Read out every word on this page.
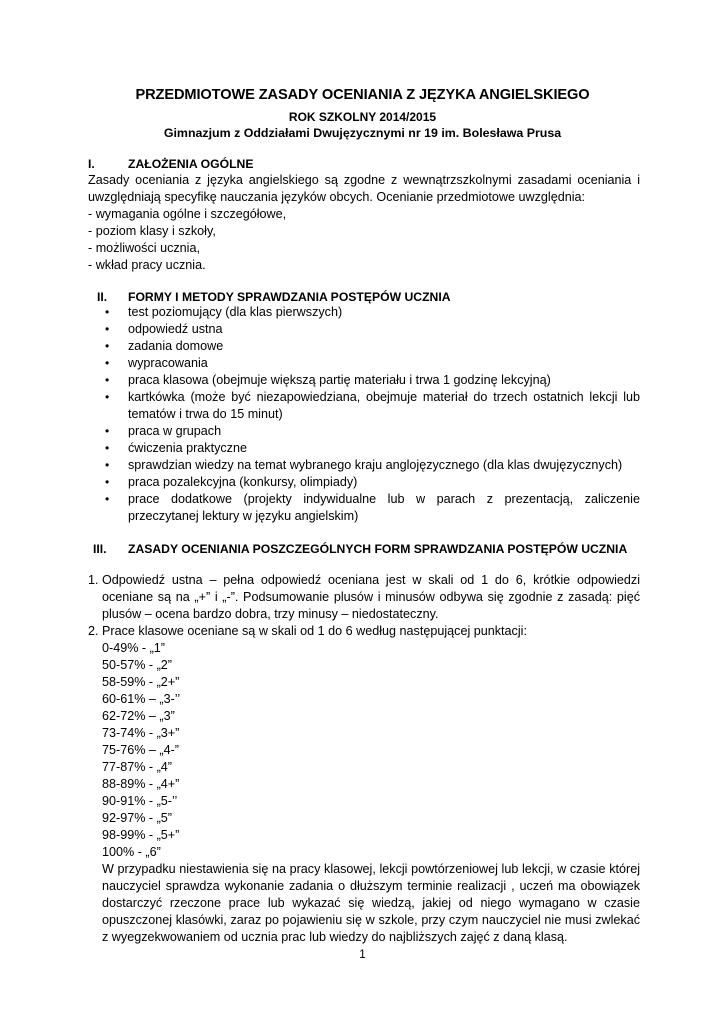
PRZEDMIOTOWE ZASADY OCENIANIA Z JĘZYKA ANGIELSKIEGO
ROK SZKOLNY 2014/2015
Gimnazjum z Oddziałami Dwujęzycznymi nr 19 im. Bolesława Prusa
I.	ZAŁOŻENIA OGÓLNE
Zasady oceniania z języka angielskiego są zgodne z wewnątrzszkolnymi zasadami oceniania i uwzględniają specyfikę nauczania języków obcych. Ocenianie przedmiotowe uwzględnia:
- wymagania ogólne i szczegółowe,
- poziom klasy i szkoły,
- możliwości ucznia,
- wkład pracy ucznia.
II.	FORMY I METODY SPRAWDZANIA POSTĘPÓW UCZNIA
• test poziomujący (dla klas pierwszych)
• odpowiedź ustna
• zadania domowe
• wypracowania
• praca klasowa (obejmuje większą partię materiału i trwa 1 godzinę lekcyjną)
• kartkówka (może być niezapowiedziana, obejmuje materiał do trzech ostatnich lekcji lub tematów i trwa do 15 minut)
• praca w grupach
• ćwiczenia praktyczne
• sprawdzian wiedzy na temat wybranego kraju anglojęzycznego (dla klas dwujęzycznych)
• praca pozalekcyjna (konkursy, olimpiady)
• prace dodatkowe (projekty indywidualne lub w parach z prezentacją, zaliczenie przeczytanej lektury w języku angielskim)
III.	ZASADY OCENIANIA POSZCZEGÓLNYCH FORM SPRAWDZANIA POSTĘPÓW UCZNIA
1. Odpowiedź ustna – pełna odpowiedź oceniana jest w skali od 1 do 6, krótkie odpowiedzi oceniane są na „+” i „-”. Podsumowanie plusów i minusów odbywa się zgodnie z zasadą: pięć plusów – ocena bardzo dobra, trzy minusy – niedostateczny.
2. Prace klasowe oceniane są w skali od 1 do 6 według następującej punktacji:
0-49% - „1”
50-57% - „2”
58-59% - „2+”
60-61% – „3-’’
62-72% – „3”
73-74% - „3+”
75-76% – „4-”
77-87% - „4”
88-89% - „4+”
90-91% - „5-’’
92-97% - „5”
98-99% - „5+”
100% - „6”
W przypadku niestawienia się na pracy klasowej, lekcji powtórzeniowej lub lekcji, w czasie której nauczyciel sprawdza wykonanie zadania o dłuższym terminie realizacji , uczeń ma obowiązek dostarczyć rzeczone prace lub wykazać się wiedzą, jakiej od niego wymagano w czasie opuszczonej klasówki, zaraz po pojawieniu się w szkole, przy czym nauczyciel nie musi zwlekać z wyegzekwowaniem od ucznia prac lub wiedzy do najbliższych zajęć z daną klasą.
1
